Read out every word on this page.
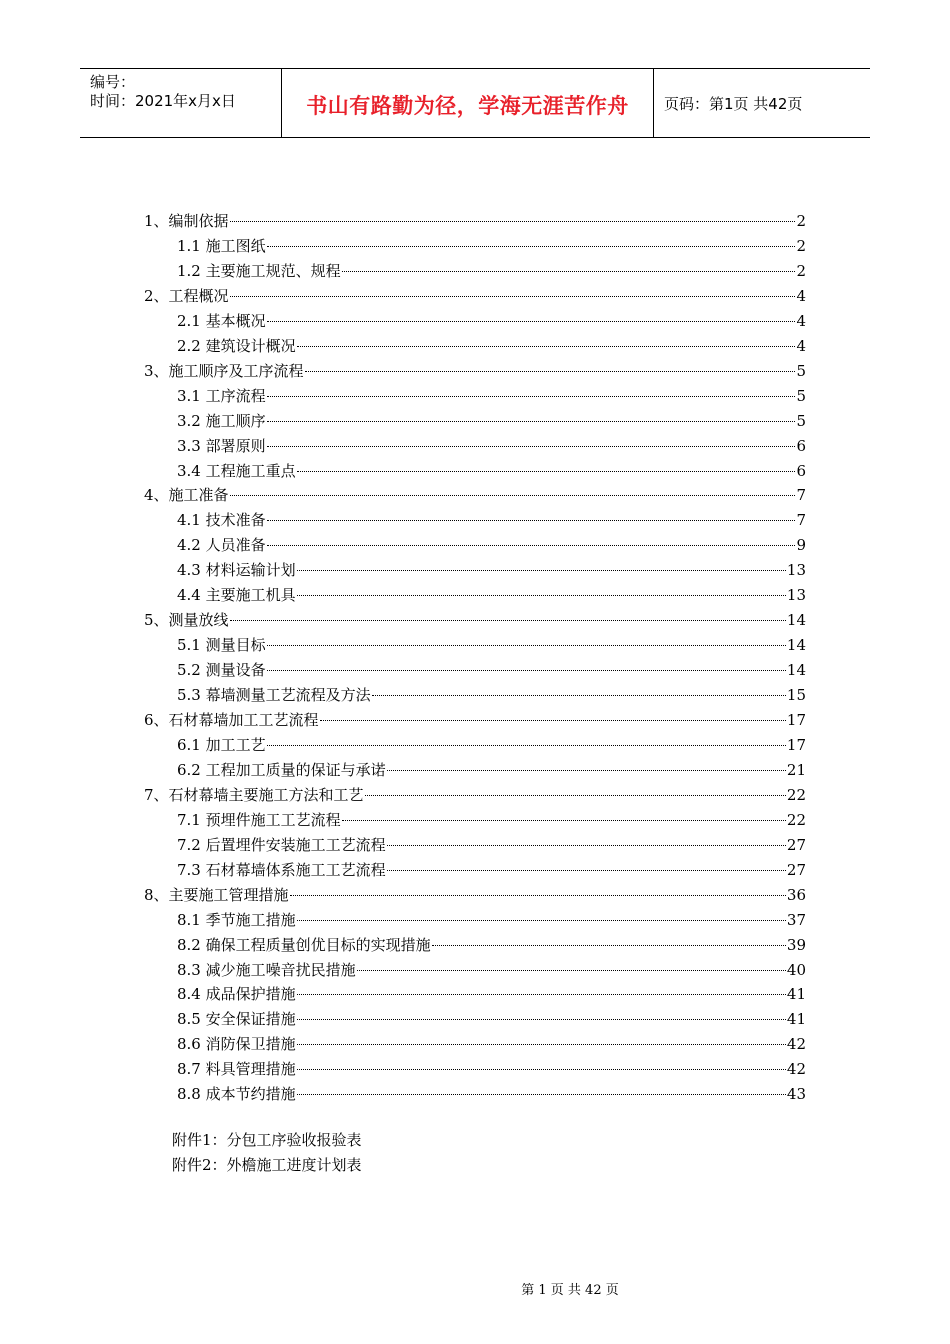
编号：
时间：2021年x月x日	书山有路勤为径，学海无涯苦作舟	页码：第1页 共42页
1、编制依据	2
1.1 施工图纸	2
1.2 主要施工规范、规程	2
2、工程概况	4
2.1 基本概况	4
2.2 建筑设计概况	4
3、施工顺序及工序流程	5
3.1 工序流程	5
3.2 施工顺序	5
3.3 部署原则	6
3.4 工程施工重点	6
4、施工准备	7
4.1 技术准备	7
4.2 人员准备	9
4.3 材料运输计划	13
4.4 主要施工机具	13
5、测量放线	14
5.1 测量目标	14
5.2 测量设备	14
5.3 幕墙测量工艺流程及方法	15
6、石材幕墙加工工艺流程	17
6.1 加工工艺	17
6.2 工程加工质量的保证与承诺	21
7、石材幕墙主要施工方法和工艺	22
7.1 预埋件施工工艺流程	22
7.2 后置埋件安装施工工艺流程	27
7.3 石材幕墙体系施工工艺流程	27
8、主要施工管理措施	36
8.1 季节施工措施	37
8.2 确保工程质量创优目标的实现措施	39
8.3 减少施工噪音扰民措施	40
8.4 成品保护措施	41
8.5 安全保证措施	41
8.6 消防保卫措施	42
8.7 料具管理措施	42
8.8 成本节约措施	43
附件1：分包工序验收报验表
附件2：外檐施工进度计划表
第 1 页 共 42 页
